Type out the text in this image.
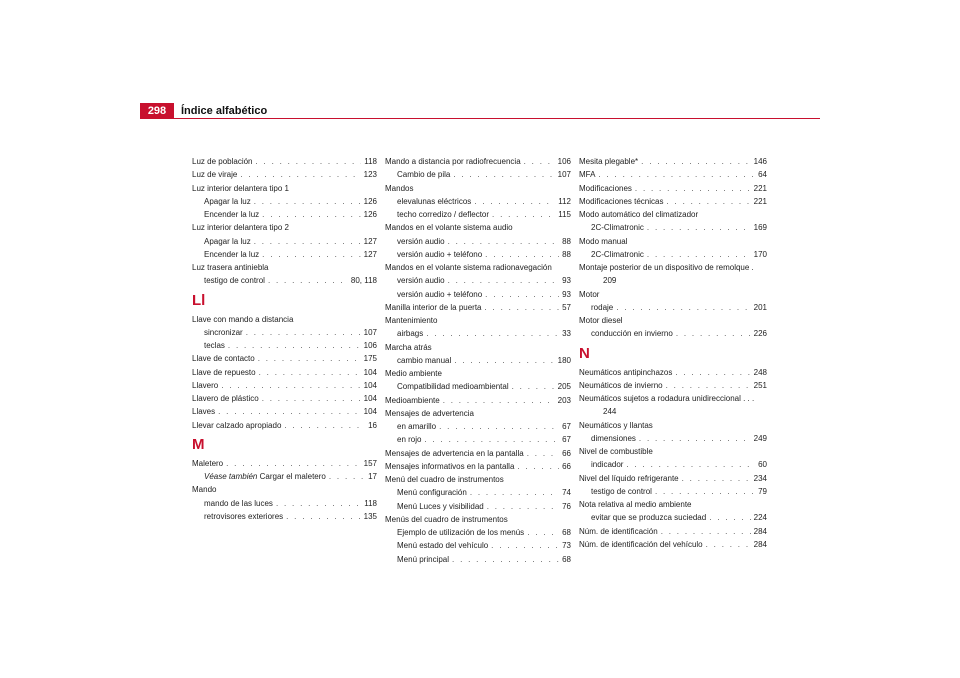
298	Índice alfabético
Luz de población . . .	118
Luz de viraje . . .	123
Luz interior delantera tipo 1
Apagar la luz . . .	126
Encender la luz . . .	126
Luz interior delantera tipo 2
Apagar la luz . . .	127
Encender la luz . . .	127
Luz trasera antiniebla
testigo de control . . .	80, 118
Ll
Llave con mando a distancia
sincronizar . . .	107
teclas . . .	106
Llave de contacto . . .	175
Llave de repuesto . . .	104
Llavero . . .	104
Llavero de plástico . . .	104
Llaves . . .	104
Llevar calzado apropiado . . .	16
M
Maletero . . .	157
Véase también Cargar el maletero . . .	17
Mando
mando de las luces . . .	118
retrovisores exteriores . . .	135
Mando a distancia por radiofrecuencia . . .	106
Cambio de pila . . .	107
Mandos
elevalunas eléctricos . . .	112
techo corredizo / deflector . . .	115
Mandos en el volante sistema audio
versión audio . . .	88
versión audio + teléfono . . .	88
Mandos en el volante sistema radionavegación
versión audio . . .	93
versión audio + teléfono . . .	93
Manilla interior de la puerta . . .	57
Mantenimiento
airbags . . .	33
Marcha atrás
cambio manual . . .	180
Medio ambiente
Compatibilidad medioambiental . . .	205
Medioambiente . . .	203
Mensajes de advertencia
en amarillo . . .	67
en rojo . . .	67
Mensajes de advertencia en la pantalla . . .	66
Mensajes informativos en la pantalla . . .	66
Menú del cuadro de instrumentos
Menú configuración . . .	74
Menú Luces y visibilidad . . .	76
Menús del cuadro de instrumentos
Ejemplo de utilización de los menús . . .	68
Menú estado del vehículo . . .	73
Menú principal . . .	68
Mesita plegable* . . .	146
MFA . . .	64
Modificaciones . . .	221
Modificaciones técnicas . . .	221
Modo automático del climatizador
2C-Climatronic . . .	169
Modo manual
2C-Climatronic . . .	170
Montaje posterior de un dispositivo de remolque .
209
Motor
rodaje . . .	201
Motor diesel
conducción en invierno . . .	226
N
Neumáticos antipinchazos . . .	248
Neumáticos de invierno . . .	251
Neumáticos sujetos a rodadura unidireccional . . .
244
Neumáticos y llantas
dimensiones . . .	249
Nivel de combustible
indicador . . .	60
Nivel del líquido refrigerante . . .	234
testigo de control . . .	79
Nota relativa al medio ambiente
evitar que se produzca suciedad . . .	224
Núm. de identificación . . .	284
Núm. de identificación del vehículo . . .	284
